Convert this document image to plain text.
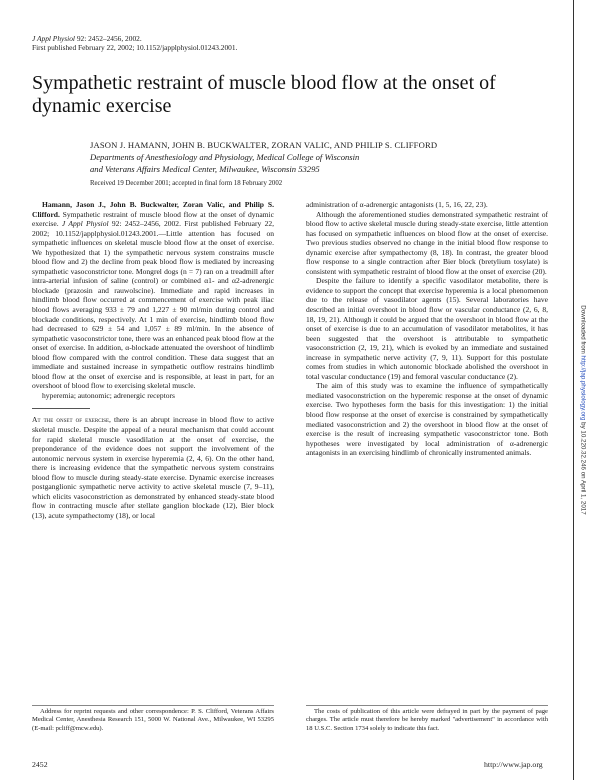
J Appl Physiol 92: 2452–2456, 2002.
First published February 22, 2002; 10.1152/japplphysiol.01243.2001.
Sympathetic restraint of muscle blood flow at the onset of dynamic exercise
JASON J. HAMANN, JOHN B. BUCKWALTER, ZORAN VALIC, AND PHILIP S. CLIFFORD
Departments of Anesthesiology and Physiology, Medical College of Wisconsin
and Veterans Affairs Medical Center, Milwaukee, Wisconsin 53295
Received 19 December 2001; accepted in final form 18 February 2002

Hamann, Jason J., John B. Buckwalter, Zoran Valic, and Philip S. Clifford. Sympathetic restraint of muscle blood flow at the onset of dynamic exercise. J Appl Physiol 92: 2452–2456, 2002. First published February 22, 2002; 10.1152/japplphysiol.01243.2001.—Little attention has focused on sympathetic influences on skeletal muscle blood flow at the onset of exercise. We hypothesized that 1) the sympathetic nervous system constrains muscle blood flow and 2) the decline from peak blood flow is mediated by increasing sympathetic vasoconstrictor tone. Mongrel dogs (n = 7) ran on a treadmill after intra-arterial infusion of saline (control) or combined α1- and α2-adrenergic blockade (prazosin and rauwolscine). Immediate and rapid increases in hindlimb blood flow occurred at commencement of exercise with peak iliac blood flows averaging 933 ± 79 and 1,227 ± 90 ml/min during control and blockade conditions, respectively. At 1 min of exercise, hindlimb blood flow had decreased to 629 ± 54 and 1,057 ± 89 ml/min. In the absence of sympathetic vasoconstrictor tone, there was an enhanced peak blood flow at the onset of exercise. In addition, α-blockade attenuated the overshoot of hindlimb blood flow compared with the control condition. These data suggest that an immediate and sustained increase in sympathetic outflow restrains hindlimb blood flow at the onset of exercise and is responsible, at least in part, for an overshoot of blood flow to exercising skeletal muscle.

hyperemia; autonomic; adrenergic receptors

At the onset of exercise, there is an abrupt increase in blood flow to active skeletal muscle. Despite the appeal of a neural mechanism that could account for rapid skeletal muscle vasodilation at the onset of exercise, the preponderance of the evidence does not support the involvement of the autonomic nervous system in exercise hyperemia (2, 4, 6). On the other hand, there is increasing evidence that the sympathetic nervous system constrains blood flow to muscle during steady-state exercise. Dynamic exercise increases postganglionic sympathetic nerve activity to active skeletal muscle (7, 9–11), which elicits vasoconstriction as demonstrated by enhanced steady-state blood flow in contracting muscle after stellate ganglion blockade (12), Bier block (13), acute sympathectomy (18), or local

administration of α-adrenergic antagonists (1, 5, 16, 22, 23).

Although the aforementioned studies demonstrated sympathetic restraint of blood flow to active skeletal muscle during steady-state exercise, little attention has focused on sympathetic influences on blood flow at the onset of exercise. Two previous studies observed no change in the initial blood flow response to dynamic exercise after sympathectomy (8, 18). In contrast, the greater blood flow response to a single contraction after Bier block (bretylium tosylate) is consistent with sympathetic restraint of blood flow at the onset of exercise (20).

Despite the failure to identify a specific vasodilator metabolite, there is evidence to support the concept that exercise hyperemia is a local phenomenon due to the release of vasodilator agents (15). Several laboratories have described an initial overshoot in blood flow or vascular conductance (2, 6, 8, 18, 19, 21). Although it could be argued that the overshoot in blood flow at the onset of exercise is due to an accumulation of vasodilator metabolites, it has been suggested that the overshoot is attributable to sympathetic vasoconstriction (2, 19, 21), which is evoked by an immediate and sustained increase in sympathetic nerve activity (7, 9, 11). Support for this postulate comes from studies in which autonomic blockade abolished the overshoot in total vascular conductance (19) and femoral vascular conductance (2).

The aim of this study was to examine the influence of sympathetically mediated vasoconstriction on the hyperemic response at the onset of dynamic exercise. Two hypotheses form the basis for this investigation: 1) the initial blood flow response at the onset of exercise is constrained by sympathetically mediated vasoconstriction and 2) the overshoot in blood flow at the onset of exercise is the result of increasing sympathetic vasoconstrictor tone. Both hypotheses were investigated by local administration of α-adrenergic antagonists in an exercising hindlimb of chronically instrumented animals.

Address for reprint requests and other correspondence: P. S. Clifford, Veterans Affairs Medical Center, Anesthesia Research 151, 5000 W. National Ave., Milwaukee, WI 53295 (E-mail: pcliff@mcw.edu).
The costs of publication of this article were defrayed in part by the payment of page charges. The article must therefore be hereby marked "advertisement" in accordance with 18 U.S.C. Section 1734 solely to indicate this fact.
2452	http://www.jap.org
Downloaded from http://jap.physiology.org by 10.220.32.246 on April 1, 2017
